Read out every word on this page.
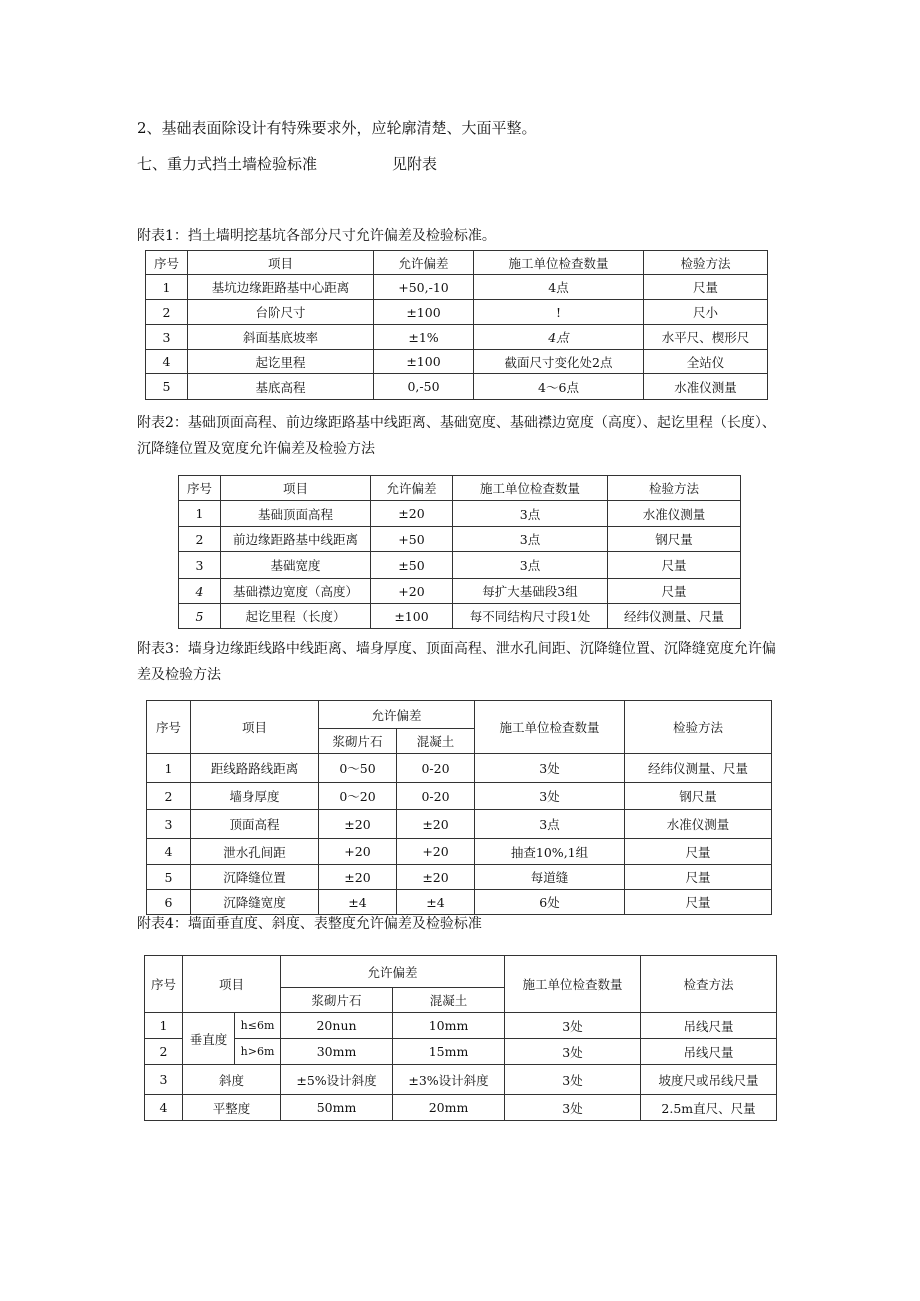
2、基础表面除设计有特殊要求外，应轮廓清楚、大面平整。
七、重力式挡土墙检验标准	见附表
附表1：挡土墙明挖基坑各部分尺寸允许偏差及检验标准。
序号	项目	允许偏差	施工单位检查数量	检验方法
1	基坑边缘距路基中心距离	+50,-10	4点	尺量
2	台阶尺寸	±100	!	尺小
3	斜面基底坡率	±1%	4点	水平尺、楔形尺
4	起讫里程	±100	截面尺寸变化处2点	全站仪
5	基底高程	0,-50	4～6点	水准仪测量
附表2：基础顶面高程、前边缘距路基中线距离、基础宽度、基础襟边宽度（高度）、起讫里程（长度）、沉降缝位置及宽度允许偏差及检验方法
序号	项目	允许偏差	施工单位检查数量	检验方法
1	基础顶面高程	±20	3点	水准仪测量
2	前边缘距路基中线距离	+50	3点	钢尺量
3	基础宽度	±50	3点	尺量
4	基础襟边宽度（高度）	+20	每扩大基础段3组	尺量
5	起讫里程（长度）	±100	每不同结构尺寸段1处	经纬仪测量、尺量
附表3：墙身边缘距线路中线距离、墙身厚度、顶面高程、泄水孔间距、沉降缝位置、沉降缝宽度允许偏差及检验方法
序号	项目	允许偏差		施工单位检查数量	检验方法
		浆砌片石	混凝土		
1	距线路路线距离	0～50	0-20	3处	经纬仪测量、尺量
2	墙身厚度	0～20	0-20	3处	钢尺量
3	顶面高程	±20	±20	3点	水准仪测量
4	泄水孔间距	+20	+20	抽查10%,1组	尺量
5	沉降缝位置	±20	±20	每道缝	尺量
6	沉降缝宽度	±4	±4	6处	尺量
附表4：墙面垂直度、斜度、表整度允许偏差及检验标准
序号	项目		允许偏差		施工单位检查数量	检查方法
			浆砌片石	混凝土		
1	垂直度	h≤6m	20nun	10mm	3处	吊线尺量
2		h>6m	30mm	15mm	3处	吊线尺量
3	斜度		±5%设计斜度	±3%设计斜度	3处	坡度尺或吊线尺量
4	平整度		50mm	20mm	3处	2.5m直尺、尺量
